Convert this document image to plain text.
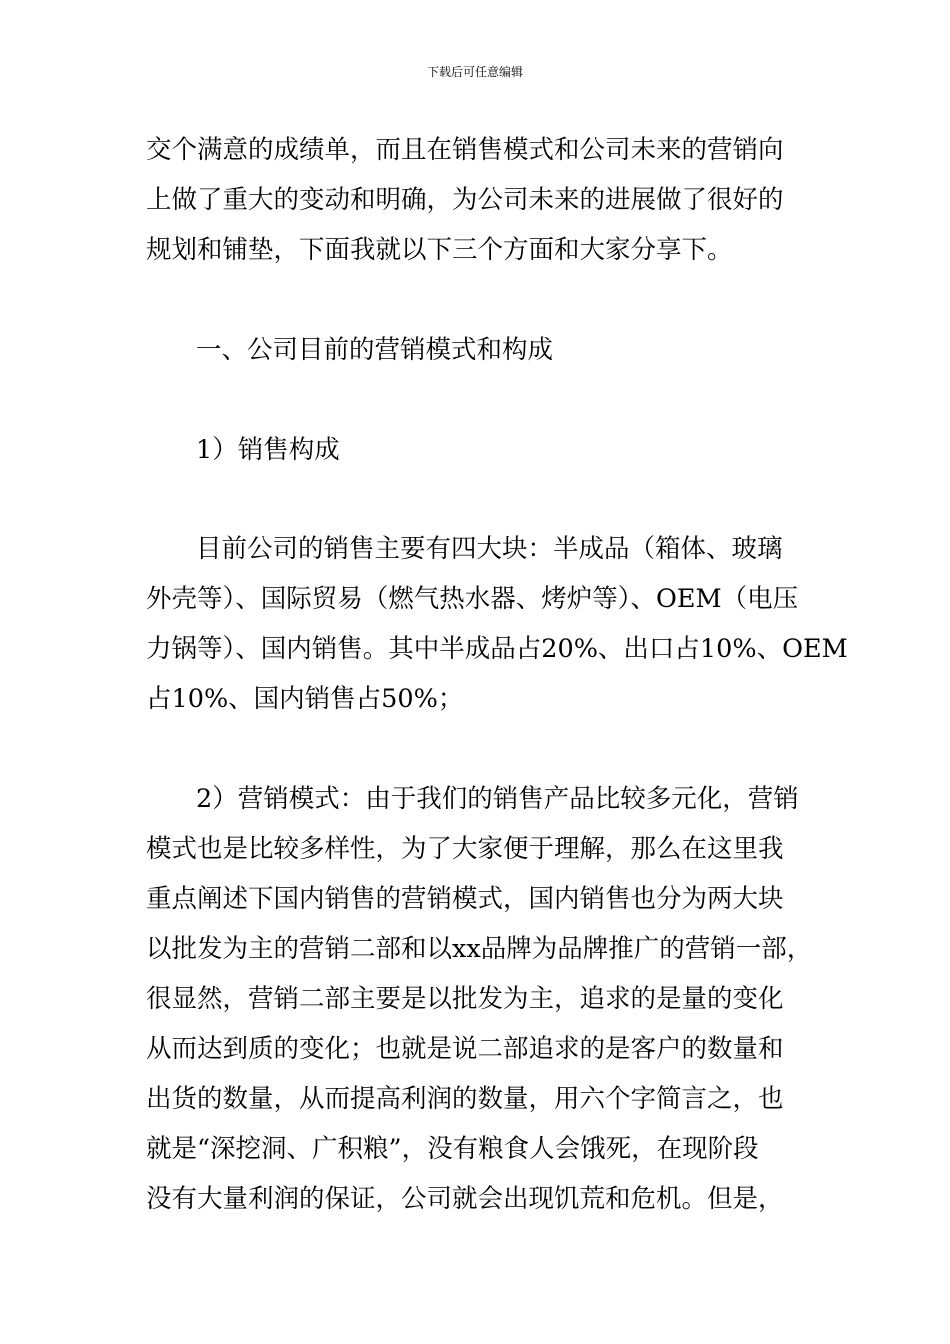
下载后可任意编辑
交个满意的成绩单，而且在销售模式和公司未来的营销向
上做了重大的变动和明确，为公司未来的进展做了很好的
规划和铺垫，下面我就以下三个方面和大家分享下。
一、公司目前的营销模式和构成
1）销售构成
目前公司的销售主要有四大块：半成品（箱体、玻璃
外壳等）、国际贸易（燃气热水器、烤炉等）、OEM（电压
力锅等）、国内销售。其中半成品占20%、出口占10%、OEM
占10%、国内销售占50%；
2）营销模式：由于我们的销售产品比较多元化，营销
模式也是比较多样性，为了大家便于理解，那么在这里我
重点阐述下国内销售的营销模式，国内销售也分为两大块
以批发为主的营销二部和以xx品牌为品牌推广的营销一部，
很显然，营销二部主要是以批发为主，追求的是量的变化
从而达到质的变化；也就是说二部追求的是客户的数量和
出货的数量，从而提高利润的数量，用六个字简言之，也
就是“深挖洞、广积粮”，没有粮食人会饿死，在现阶段
没有大量利润的保证，公司就会出现饥荒和危机。但是，
